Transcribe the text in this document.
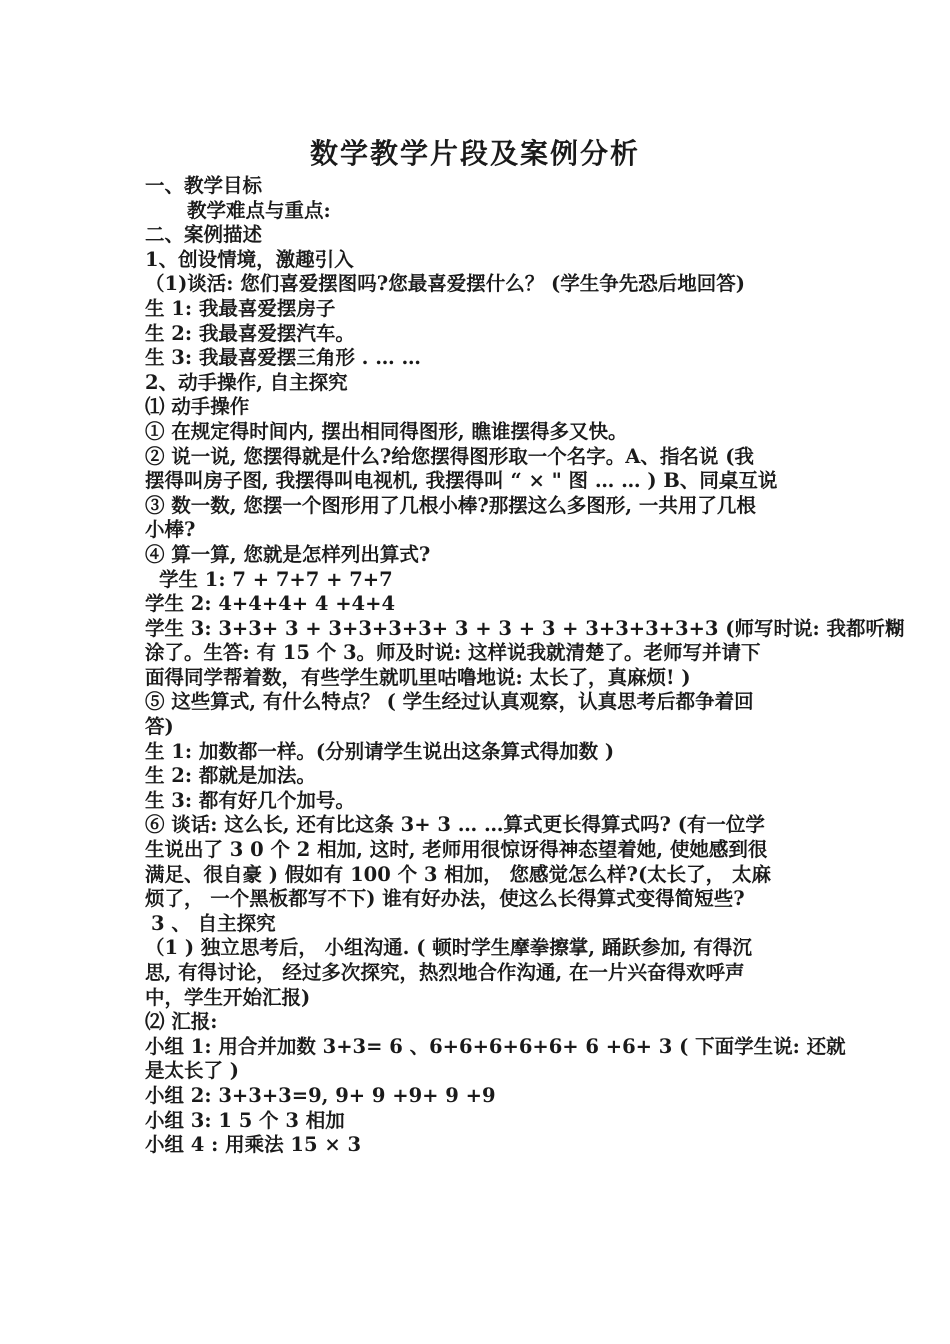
数学教学片段及案例分析
一、教学目标
教学难点与重点:
二、案例描述
1、创设情境，激趣引入
（1)谈活: 您们喜爱摆图吗?您最喜爱摆什么？ (学生争先恐后地回答)
生 1: 我最喜爱摆房子
生 2: 我最喜爱摆汽车。
生 3: 我最喜爱摆三角形 . … …
2、动手操作, 自主探究
⑴ 动手操作
① 在规定得时间内, 摆出相同得图形, 瞧谁摆得多又快。
② 说一说, 您摆得就是什么?给您摆得图形取一个名字。A、指名说 (我
摆得叫房子图, 我摆得叫电视机, 我摆得叫 “ × " 图 … … ) B、同桌互说
③ 数一数, 您摆一个图形用了几根小棒?那摆这么多图形, 一共用了几根
小棒?
④ 算一算, 您就是怎样列出算式?
学生 1: 7 + 7+7 + 7+7
学生 2: 4+4+4+ 4 +4+4
学生 3: 3+3+ 3 + 3+3+3+3+ 3 + 3 + 3 + 3+3+3+3+3 (师写时说: 我都听糊
涂了。生答: 有 15 个 3。师及时说: 这样说我就清楚了。老师写并请下
面得同学帮着数，有些学生就叽里咕噜地说: 太长了，真麻烦! )
⑤ 这些算式, 有什么特点？ ( 学生经过认真观察，认真思考后都争着回
答)
生 1: 加数都一样。(分别请学生说出这条算式得加数 )
生 2: 都就是加法。
生 3: 都有好几个加号。
⑥ 谈话: 这么长, 还有比这条 3+ 3 … …算式更长得算式吗? (有一位学
生说出了 3 0 个 2 相加, 这时, 老师用很惊讶得神态望着她, 使她感到很
满足、很自豪 ) 假如有 100 个 3 相加， 您感觉怎么样?(太长了， 太麻
烦了， 一个黑板都写不下) 谁有好办法，使这么长得算式变得简短些?
3 、 自主探究
（1 ) 独立思考后， 小组沟通. ( 顿时学生摩拳擦掌, 踊跃参加, 有得沉
思, 有得讨论， 经过多次探究，热烈地合作沟通, 在一片兴奋得欢呼声
中，学生开始汇报)
⑵ 汇报:
小组 1: 用合并加数 3+3= 6 、6+6+6+6+6+ 6 +6+ 3 ( 下面学生说: 还就
是太长了 )
小组 2: 3+3+3=9, 9+ 9 +9+ 9 +9
小组 3: 1 5 个 3 相加
小组 4 : 用乘法 15 × 3
